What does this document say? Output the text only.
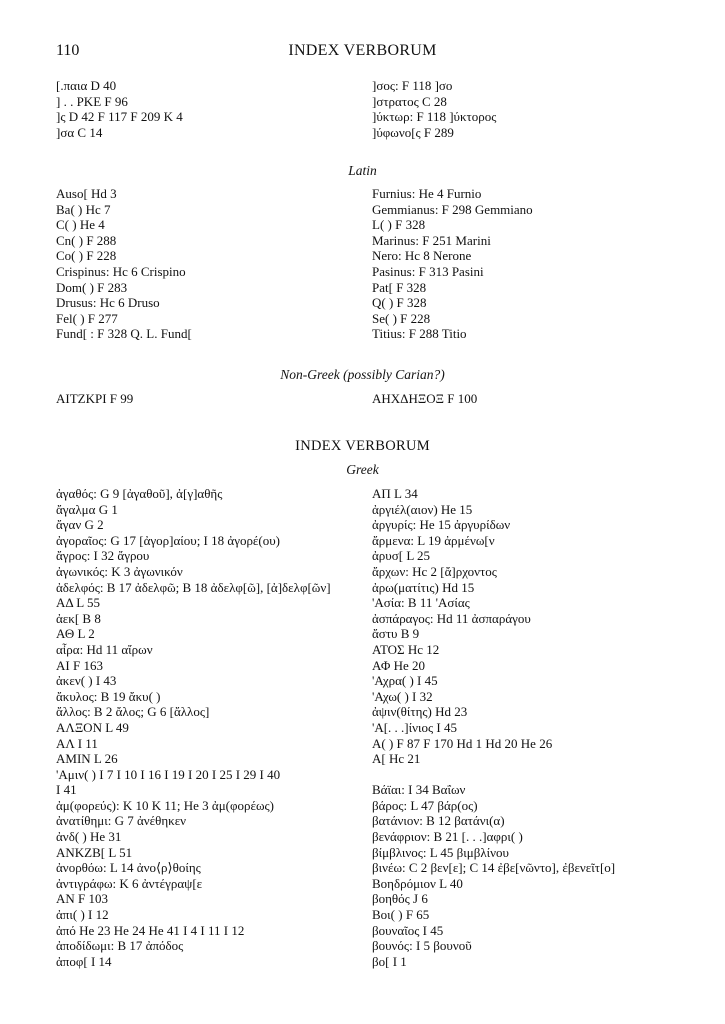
110	INDEX VERBORUM
[.παια D 40
] . . ΡΚΕ F 96
]ς D 42 F 117 F 209 K 4
]σα C 14
]σος: F 118 ]σο
]στρατος C 28
]ύκτωρ: F 118 ]ύκτορος
]ύφωνο[ς F 289
Latin
Auso[ Hd 3
Ba( ) Hc 7
C( ) He 4
Cn( ) F 288
Co( ) F 228
Crispinus: Hc 6 Crispino
Dom( ) F 283
Drusus: Hc 6 Druso
Fel( ) F 277
Fund[ : F 328 Q. L. Fund[
Furnius: He 4 Furnio
Gemmianus: F 298 Gemmiano
L( ) F 328
Marinus: F 251 Marini
Nero: Hc 8 Nerone
Pasinus: F 313 Pasini
Pat[ F 328
Q( ) F 328
Se( ) F 228
Titius: F 288 Titio
Non-Greek (possibly Carian?)
ΑΙΤΖΚΡΙ F 99	ΑΗΧΔΗΞΟΞ F 100
INDEX VERBORUM
Greek
ἀγαθός: G 9 [ἀγαθοῦ], ἀ[γ]αθῆς
ἄγαλμα G 1
ἄγαν G 2
ἀγοραῖος: G 17 [ἀγορ]αίου; I 18 ἀγορέ(ου)
ἄγρος: I 32 ἄγρου
ἀγωνικός: K 3 ἀγωνικόν
ἀδελφός: B 17 ἀδελφῶ; B 18 ἀδελφ[ῶ], [ἀ]δελφ[ῶν]
ΑΔ L 55
ἀεκ[ B 8
ΑΘ L 2
αἶρα: Hd 11 αἴρων
ΑΙ F 163
ἀκεν( ) I 43
ἄκυλος: B 19 ἄκυ( )
ἄλλος: B 2 ἄλος; G 6 [ἄλλος]
ΑΛΞΟΝ L 49
ΑΛ I 11
ΑΜΙΝ L 26
'Αμιν( ) I 7 I 10 I 16 I 19 I 20 I 25 I 29 I 40
I 41
ἀμ(φορεύς): K 10 K 11; He 3 ἀμ(φορέως)
ἀνατίθημι: G 7 ἀνέθηκεν
ἀνδ( ) He 31
ΑΝΚΖΒ[ L 51
ἀνορθόω: L 14 ἀνο⟨ρ⟩θοίης
ἀντιγράφω: K 6 ἀντέγραψ[ε
ΑΝ F 103
ἀπι( ) I 12
ἀπό He 23 He 24 He 41 I 4 I 11 I 12
ἀποδίδωμι: B 17 ἀπόδος
ἀποφ[ I 14
ΑΠ L 34
ἀργιέλ(αιον) He 15
ἀργυρίς: He 15 ἀργυρίδων
ἄρμενα: L 19 ἀρμένω[ν
ἀρυσ[ L 25
ἄρχων: Hc 2 [ἄ]ρχοντος
ἀρω(ματίτις) Hd 15
'Ασία: B 11 'Ασίας
ἀσπάραγος: Hd 11 ἀσπαράγου
ἄστυ B 9
ΑΤΟΣ Hc 12
ΑΦ He 20
'Αχρα( ) I 45
'Αχω( ) I 32
ἀψιν(θίτης) Hd 23
'Α[. . .]ίνιος I 45
Α( ) F 87 F 170 Hd 1 Hd 20 He 26
Α[ Hc 21
Βάϊαι: I 34 Βαΐων
βάρος: L 47 βάρ(ος)
βατάνιον: B 12 βατάνι(α)
βενάφριον: B 21 [. . .]αφρι( )
βίμβλινος: L 45 βιμβλίνου
βινέω: C 2 βεν[ε]; C 14 ἐβε[νῶντο], ἐβενεῖτ[ο]
Βοηδρόμιον L 40
βοηθός J 6
Βοι( ) F 65
βουναῖος I 45
βουνός: I 5 βουνοῦ
βο[ I 1
